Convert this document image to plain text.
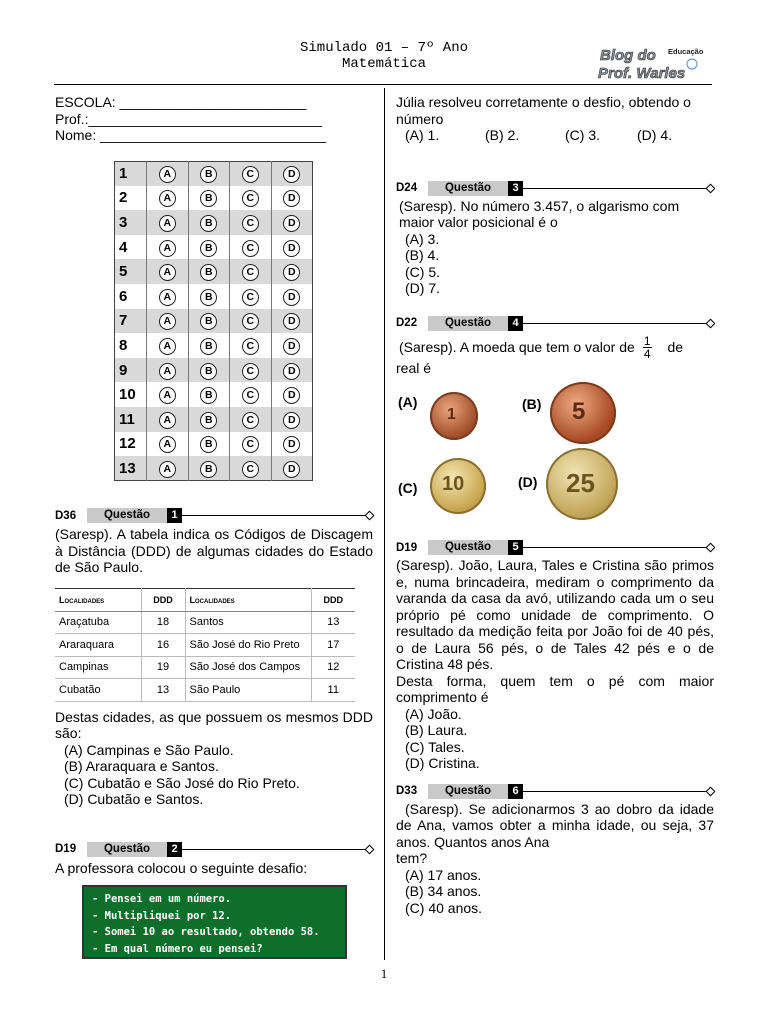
Simulado 01 – 7º Ano
Matemática	Blog do
Prof. Warles
Educação
ESCOLA: ________________________
Prof.:______________________________
Nome: _____________________________
1	A	B	C	D
2	A	B	C	D
3	A	B	C	D
4	A	B	C	D
5	A	B	C	D
6	A	B	C	D
7	A	B	C	D
8	A	B	C	D
9	A	B	C	D
10	A	B	C	D
11	A	B	C	D
12	A	B	C	D
13	A	B	C	D
D36	Questão	1
(Saresp). A tabela indica os Códigos de Discagem à Distância (DDD) de algumas cidades do Estado de São Paulo.
Localidades	DDD	Localidades	DDD
Araçatuba	18	Santos	13
Araraquara	16	São José do Rio Preto	17
Campinas	19	São José dos Campos	12
Cubatão	13	São Paulo	11
Destas cidades, as que possuem os mesmos DDD são:
(A) Campinas e São Paulo.
(B) Araraquara e Santos.
(C) Cubatão e São José do Rio Preto.
(D) Cubatão e Santos.
D19	Questão	2
A professora colocou o seguinte desafio:
- Pensei em um número.
- Multipliquei por 12.
- Somei 10 ao resultado, obtendo 58.
- Em qual número eu pensei?
Júlia resolveu corretamente o desfio, obtendo o número
(A) 1.	(B) 2.	(C) 3.	(D) 4.
D24	Questão	3
(Saresp). No número 3.457, o algarismo com maior valor posicional é o
(A) 3.
(B) 4.
(C) 5.
(D) 7.
D22	Questão	4
(Saresp). A moeda que tem o valor de $\frac{1}{4}$ de
real é
(A)
1
(B) 5
(C) 10	(D) 25
D19	Questão	5
(Saresp). João, Laura, Tales e Cristina são primos e, numa brincadeira, mediram o comprimento da varanda da casa da avó, utilizando cada um o seu próprio pé como unidade de comprimento. O resultado da medição feita por João foi de 40 pés, o de Laura 56 pés, o de Tales 42 pés e o de Cristina 48 pés.
Desta forma, quem tem o pé com maior comprimento é
(A) João.
(B) Laura.
(C) Tales.
(D) Cristina.
D33	Questão	6
(Saresp). Se adicionarmos 3 ao dobro da idade de Ana, vamos obter a minha idade, ou seja, 37 anos. Quantos anos Ana
tem?
(A) 17 anos.
(B) 34 anos.
(C) 40 anos.
1
